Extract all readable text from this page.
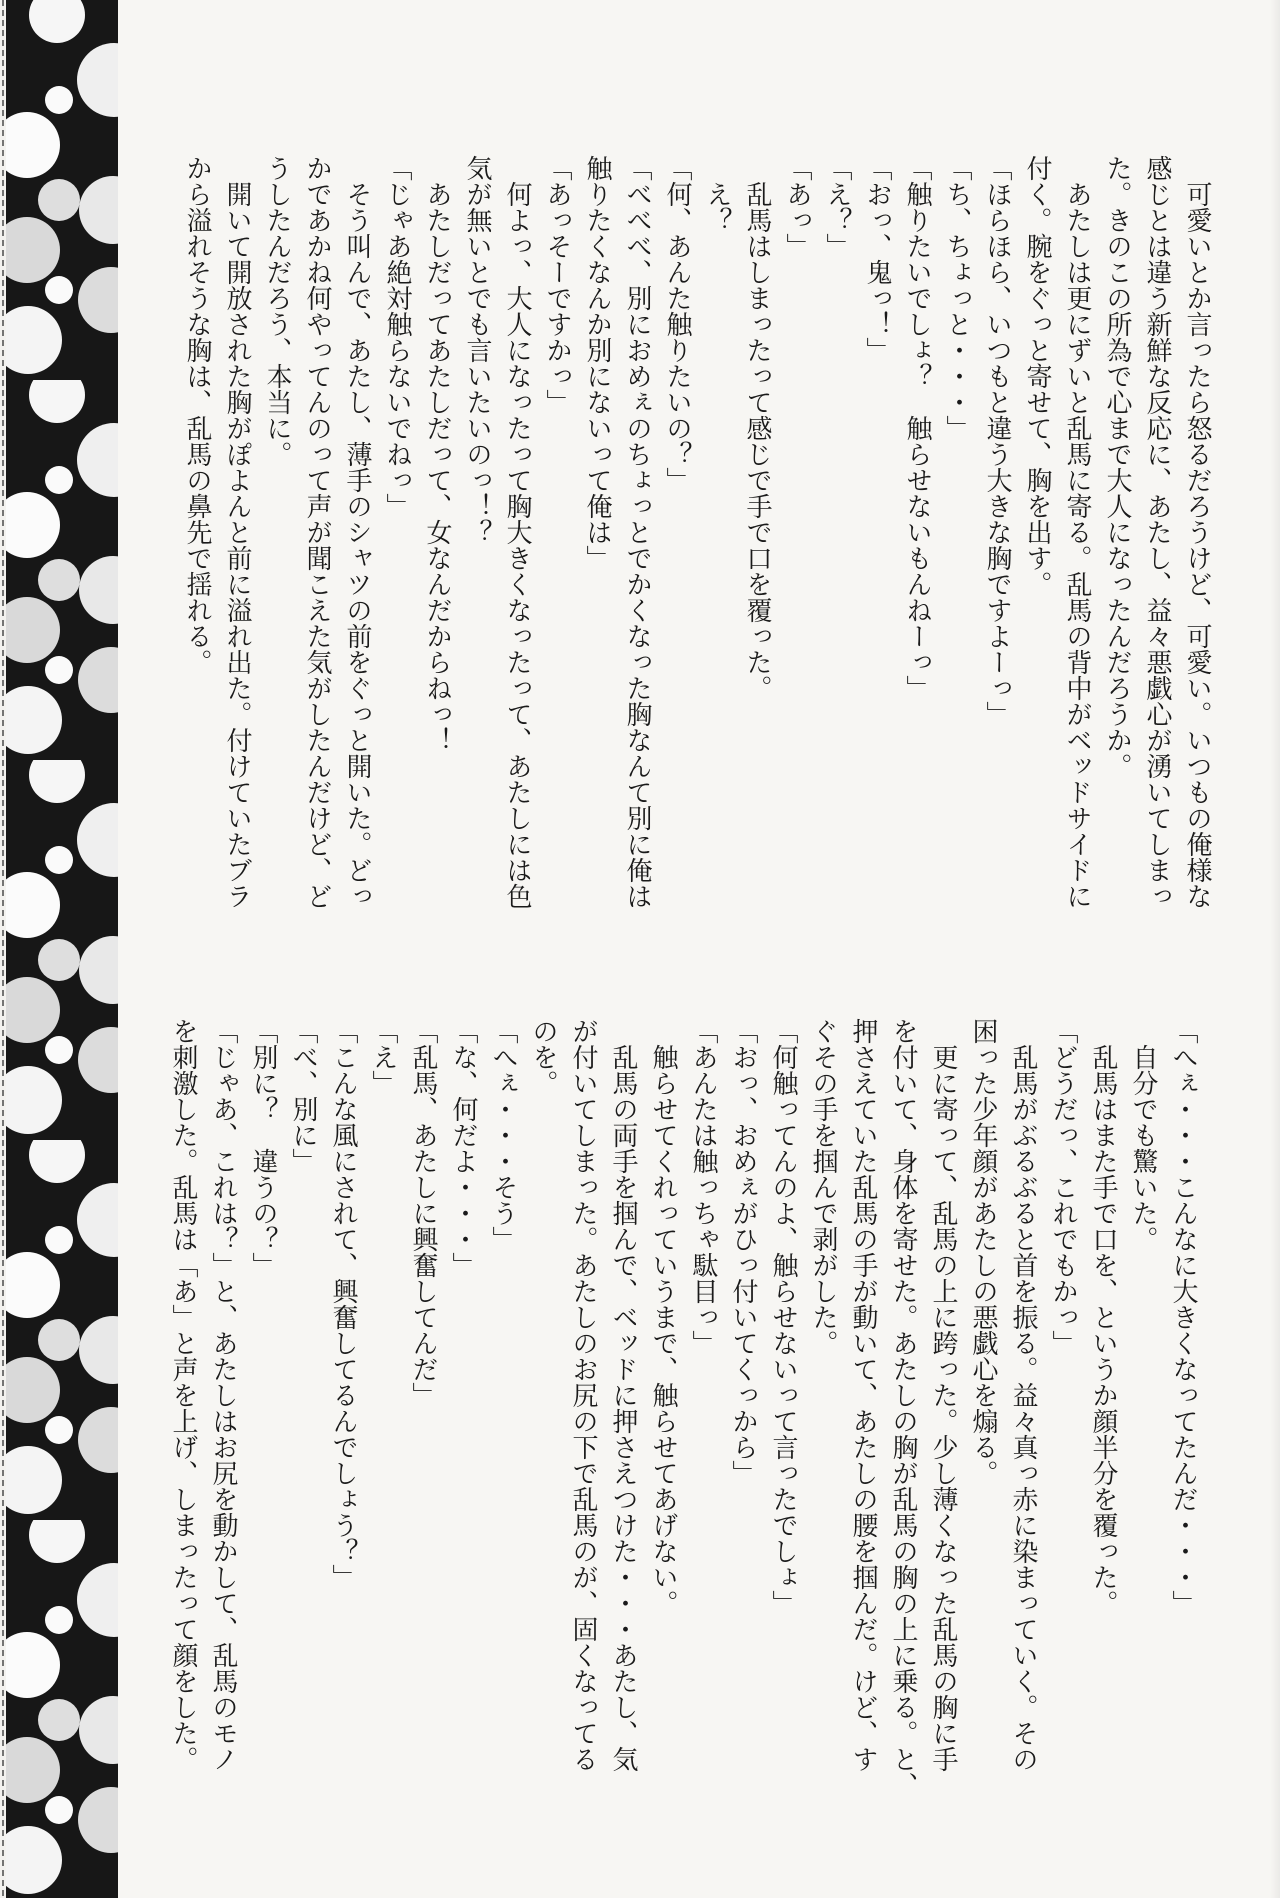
　可愛いとか言ったら怒るだろうけど、可愛い。いつもの俺様な

感じとは違う新鮮な反応に、あたし、益々悪戯心が湧いてしまっ

た。きのこの所為で心まで大人になったんだろうか。

　あたしは更にずいと乱馬に寄る。乱馬の背中がベッドサイドに

付く。腕をぐっと寄せて、胸を出す。

「ほらほら、いつもと違う大きな胸ですよーっ」

「ち、ちょっと・・・」

「触りたいでしょ？　触らせないもんねーっ」

「おっ、鬼っ！」

「え？」

「あっ」

　乱馬はしまったって感じで手で口を覆った。

　え？

「何、あんた触りたいの？」

「べべべ、別におめぇのちょっとでかくなった胸なんて別に俺は

触りたくなんか別にないって俺は」

「あっそーですかっ」

　何よっ、大人になったって胸大きくなったって、あたしには色

気が無いとでも言いたいのっ！？

　あたしだってあたしだって、女なんだからねっ！

「じゃあ絶対触らないでねっ」

　そう叫んで、あたし、薄手のシャツの前をぐっと開いた。どっ

かであかね何やってんのって声が聞こえた気がしたんだけど、ど

うしたんだろう、本当に。

　開いて開放された胸がぽよんと前に溢れ出た。付けていたブラ

から溢れそうな胸は、乱馬の鼻先で揺れる。

「へぇ・・・こんなに大きくなってたんだ・・・」

　自分でも驚いた。

　乱馬はまた手で口を、というか顔半分を覆った。

「どうだっ、これでもかっ」

　乱馬がぶるぶると首を振る。益々真っ赤に染まっていく。その

困った少年顔があたしの悪戯心を煽る。

　更に寄って、乱馬の上に跨った。少し薄くなった乱馬の胸に手

を付いて、身体を寄せた。あたしの胸が乱馬の胸の上に乗る。と、

押さえていた乱馬の手が動いて、あたしの腰を掴んだ。けど、す

ぐその手を掴んで剥がした。

「何触ってんのよ、触らせないって言ったでしょ」

「おっ、おめぇがひっ付いてくっから」

「あんたは触っちゃ駄目っ」

　触らせてくれっていうまで、触らせてあげない。

　乱馬の両手を掴んで、ベッドに押さえつけた・・・あたし、気

が付いてしまった。あたしのお尻の下で乱馬のが、固くなってる

のを。

「へぇ・・・そう」

「な、何だよ・・・」

「乱馬、あたしに興奮してんだ」

「え」

「こんな風にされて、興奮してるんでしょう？」

「べ、別に」

「別に？　違うの？」

「じゃあ、これは？」と、あたしはお尻を動かして、乱馬のモノ

を刺激した。乱馬は「あ」と声を上げ、しまったって顔をした。
